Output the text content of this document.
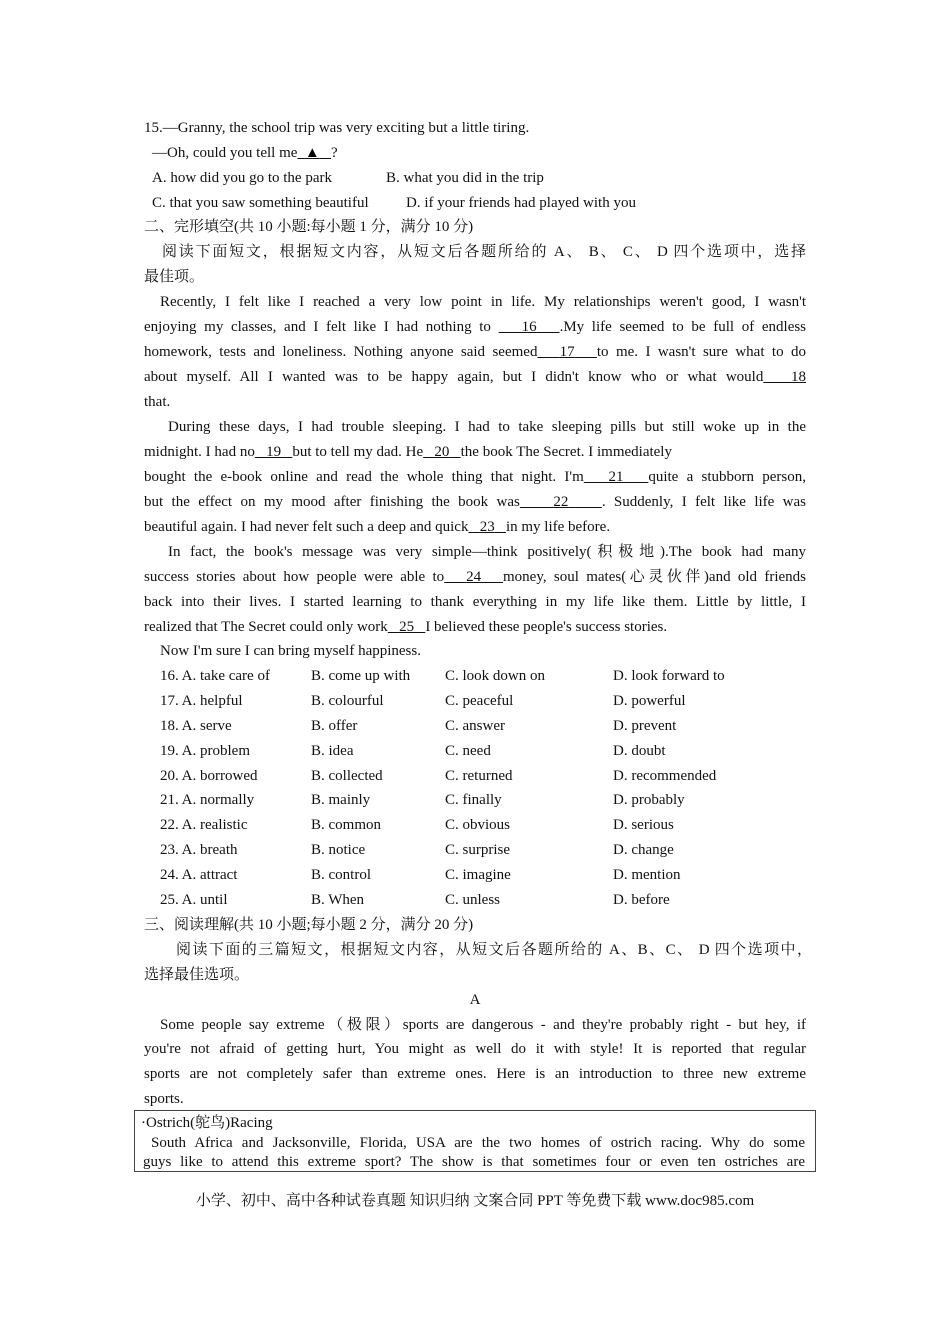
15.—Granny, the school trip was very exciting but a little tiring.
—Oh, could you tell me ▲ ?
A. how did you go to the park	B. what you did in the trip
C. that you saw something beautiful D. if your friends had played with you
二、完形填空(共 10 小题:每小题 1 分，满分 10 分)
阅读下面短文，根据短文内容，从短文后各题所给的 A、 B、 C、 D 四个选项中，选择
最佳项。
Recently, I felt like I reached a very low point in life. My relationships weren't good, I wasn't
enjoying my classes, and I felt like I had nothing to 16 .My life seemed to be full of endless
homework, tests and loneliness. Nothing anyone said seemed 17 to me. I wasn't sure what to do
about myself. All I wanted was to be happy again, but I didn't know who or what would 18
that.
During these days, I had trouble sleeping. I had to take sleeping pills but still woke up in the
midnight. I had no 19 but to tell my dad. He 20 the book The Secret. I immediately
bought the e-book online and read the whole thing that night. I'm 21 quite a stubborn person,
but the effect on my mood after finishing the book was 22 . Suddenly, I felt like life was
beautiful again. I had never felt such a deep and quick 23 in my life before.
In fact, the book's message was very simple—think positively(积极地).The book had many
success stories about how people were able to 24 money, soul mates(心灵伙伴)and old friends
back into their lives. I started learning to thank everything in my life like them. Little by little, I
realized that The Secret could only work 25 I believed these people's success stories.
Now I'm sure I can bring myself happiness.
16. A. take care of	B. come up with C. look down on	D. look forward to
17. A. helpful	B. colourful	C. peaceful	D. powerful
18. A. serve	B. offer	C. answer	D. prevent
19. A. problem	B. idea	C. need	D. doubt
20. A. borrowed	B. collected	C. returned	D. recommended
21. A. normally	B. mainly	C. finally	D. probably
22. A. realistic	B. common	C. obvious	D. serious
23. A. breath	B. notice	C. surprise	D. change
24. A. attract	B. control	C. imagine	D. mention
25. A. until	B. When	C. unless	D. before
三、阅读理解(共 10 小题;每小题 2 分，满分 20 分)
阅读下面的三篇短文，根据短文内容，从短文后各题所给的 A、B、C、 D 四个选项中，
选择最佳选项。
A
Some people say extreme（极限）sports are dangerous - and they're probably right - but hey, if
you're not afraid of getting hurt, You might as well do it with style! It is reported that regular
sports are not completely safer than extreme ones. Here is an introduction to three new extreme
sports.
·Ostrich(鸵鸟)Racing
South Africa and Jacksonville, Florida, USA are the two homes of ostrich racing. Why do some
guys like to attend this extreme sport? The show is that sometimes four or even ten ostriches are
小学、初中、高中各种试卷真题 知识归纳 文案合同 PPT 等免费下载 www.doc985.com
